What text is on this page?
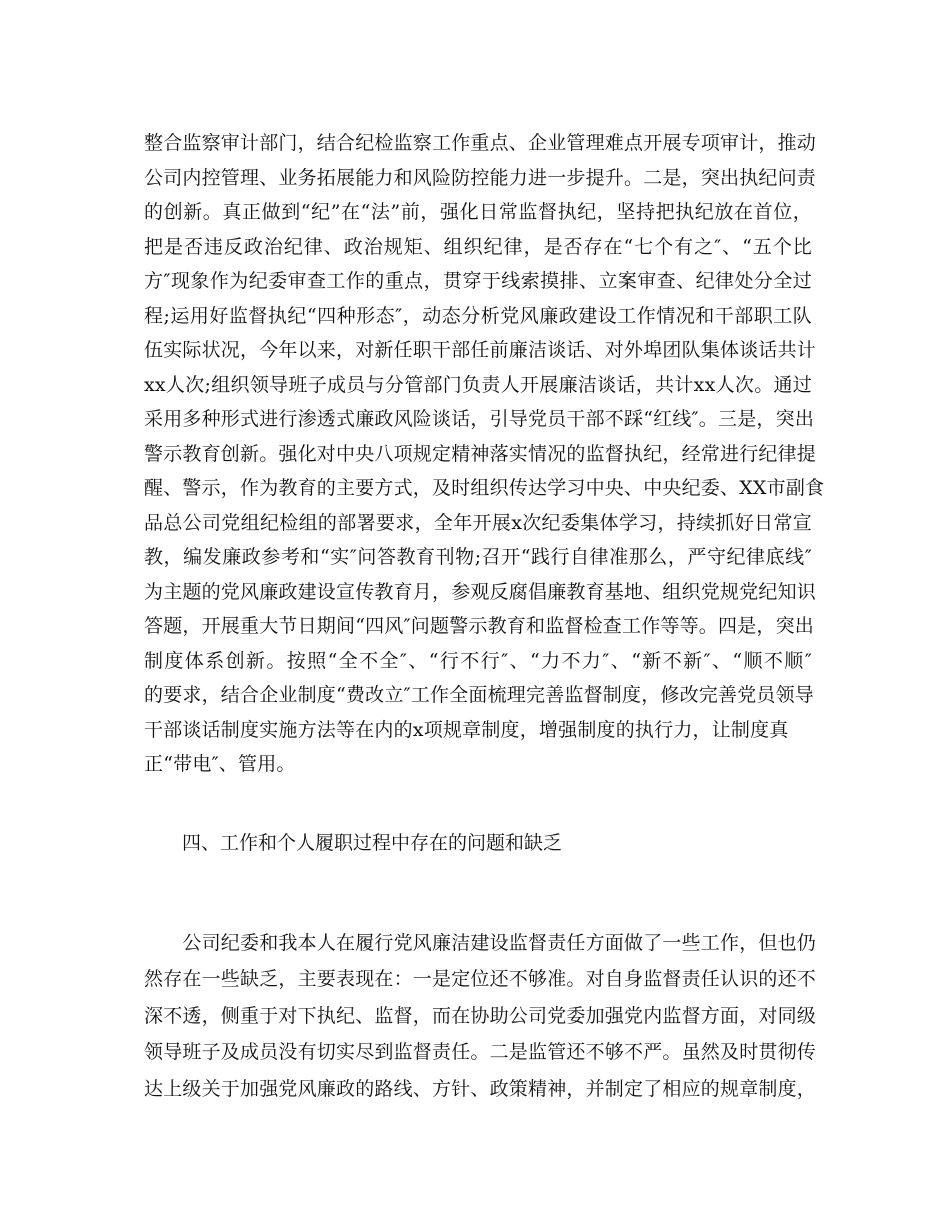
整合监察审计部门，结合纪检监察工作重点、企业管理难点开展专项审计，推动
公司内控管理、业务拓展能力和风险防控能力进一步提升。二是，突出执纪问责
的创新。真正做到“纪”在“法”前，强化日常监督执纪，坚持把执纪放在首位，
把是否违反政治纪律、政治规矩、组织纪律，是否存在“七个有之″、“五个比
方″现象作为纪委审查工作的重点，贯穿于线索摸排、立案审查、纪律处分全过
程;运用好监督执纪“四种形态″，动态分析党风廉政建设工作情况和干部职工队
伍实际状况，今年以来，对新任职干部任前廉洁谈话、对外埠团队集体谈话共计
xx人次;组织领导班子成员与分管部门负责人开展廉洁谈话，共计xx人次。通过
采用多种形式进行渗透式廉政风险谈话，引导党员干部不踩“红线″。三是，突出
警示教育创新。强化对中央八项规定精神落实情况的监督执纪，经常进行纪律提
醒、警示，作为教育的主要方式，及时组织传达学习中央、中央纪委、XX市副食
品总公司党组纪检组的部署要求，全年开展x次纪委集体学习，持续抓好日常宣
教，编发廉政参考和“实″问答教育刊物;召开“践行自律准那么，严守纪律底线″
为主题的党风廉政建设宣传教育月，参观反腐倡廉教育基地、组织党规党纪知识
答题，开展重大节日期间“四风″问题警示教育和监督检查工作等等。四是，突出
制度体系创新。按照“全不全″、“行不行″、“力不力″、“新不新″、“顺不顺″
的要求，结合企业制度“费改立″工作全面梳理完善监督制度，修改完善党员领导
干部谈话制度实施方法等在内的x项规章制度，增强制度的执行力，让制度真
正“带电″、管用。
四、工作和个人履职过程中存在的问题和缺乏
　　公司纪委和我本人在履行党风廉洁建设监督责任方面做了一些工作，但也仍
然存在一些缺乏，主要表现在：一是定位还不够准。对自身监督责任认识的还不
深不透，侧重于对下执纪、监督，而在协助公司党委加强党内监督方面，对同级
领导班子及成员没有切实尽到监督责任。二是监管还不够不严。虽然及时贯彻传
达上级关于加强党风廉政的路线、方针、政策精神，并制定了相应的规章制度，
